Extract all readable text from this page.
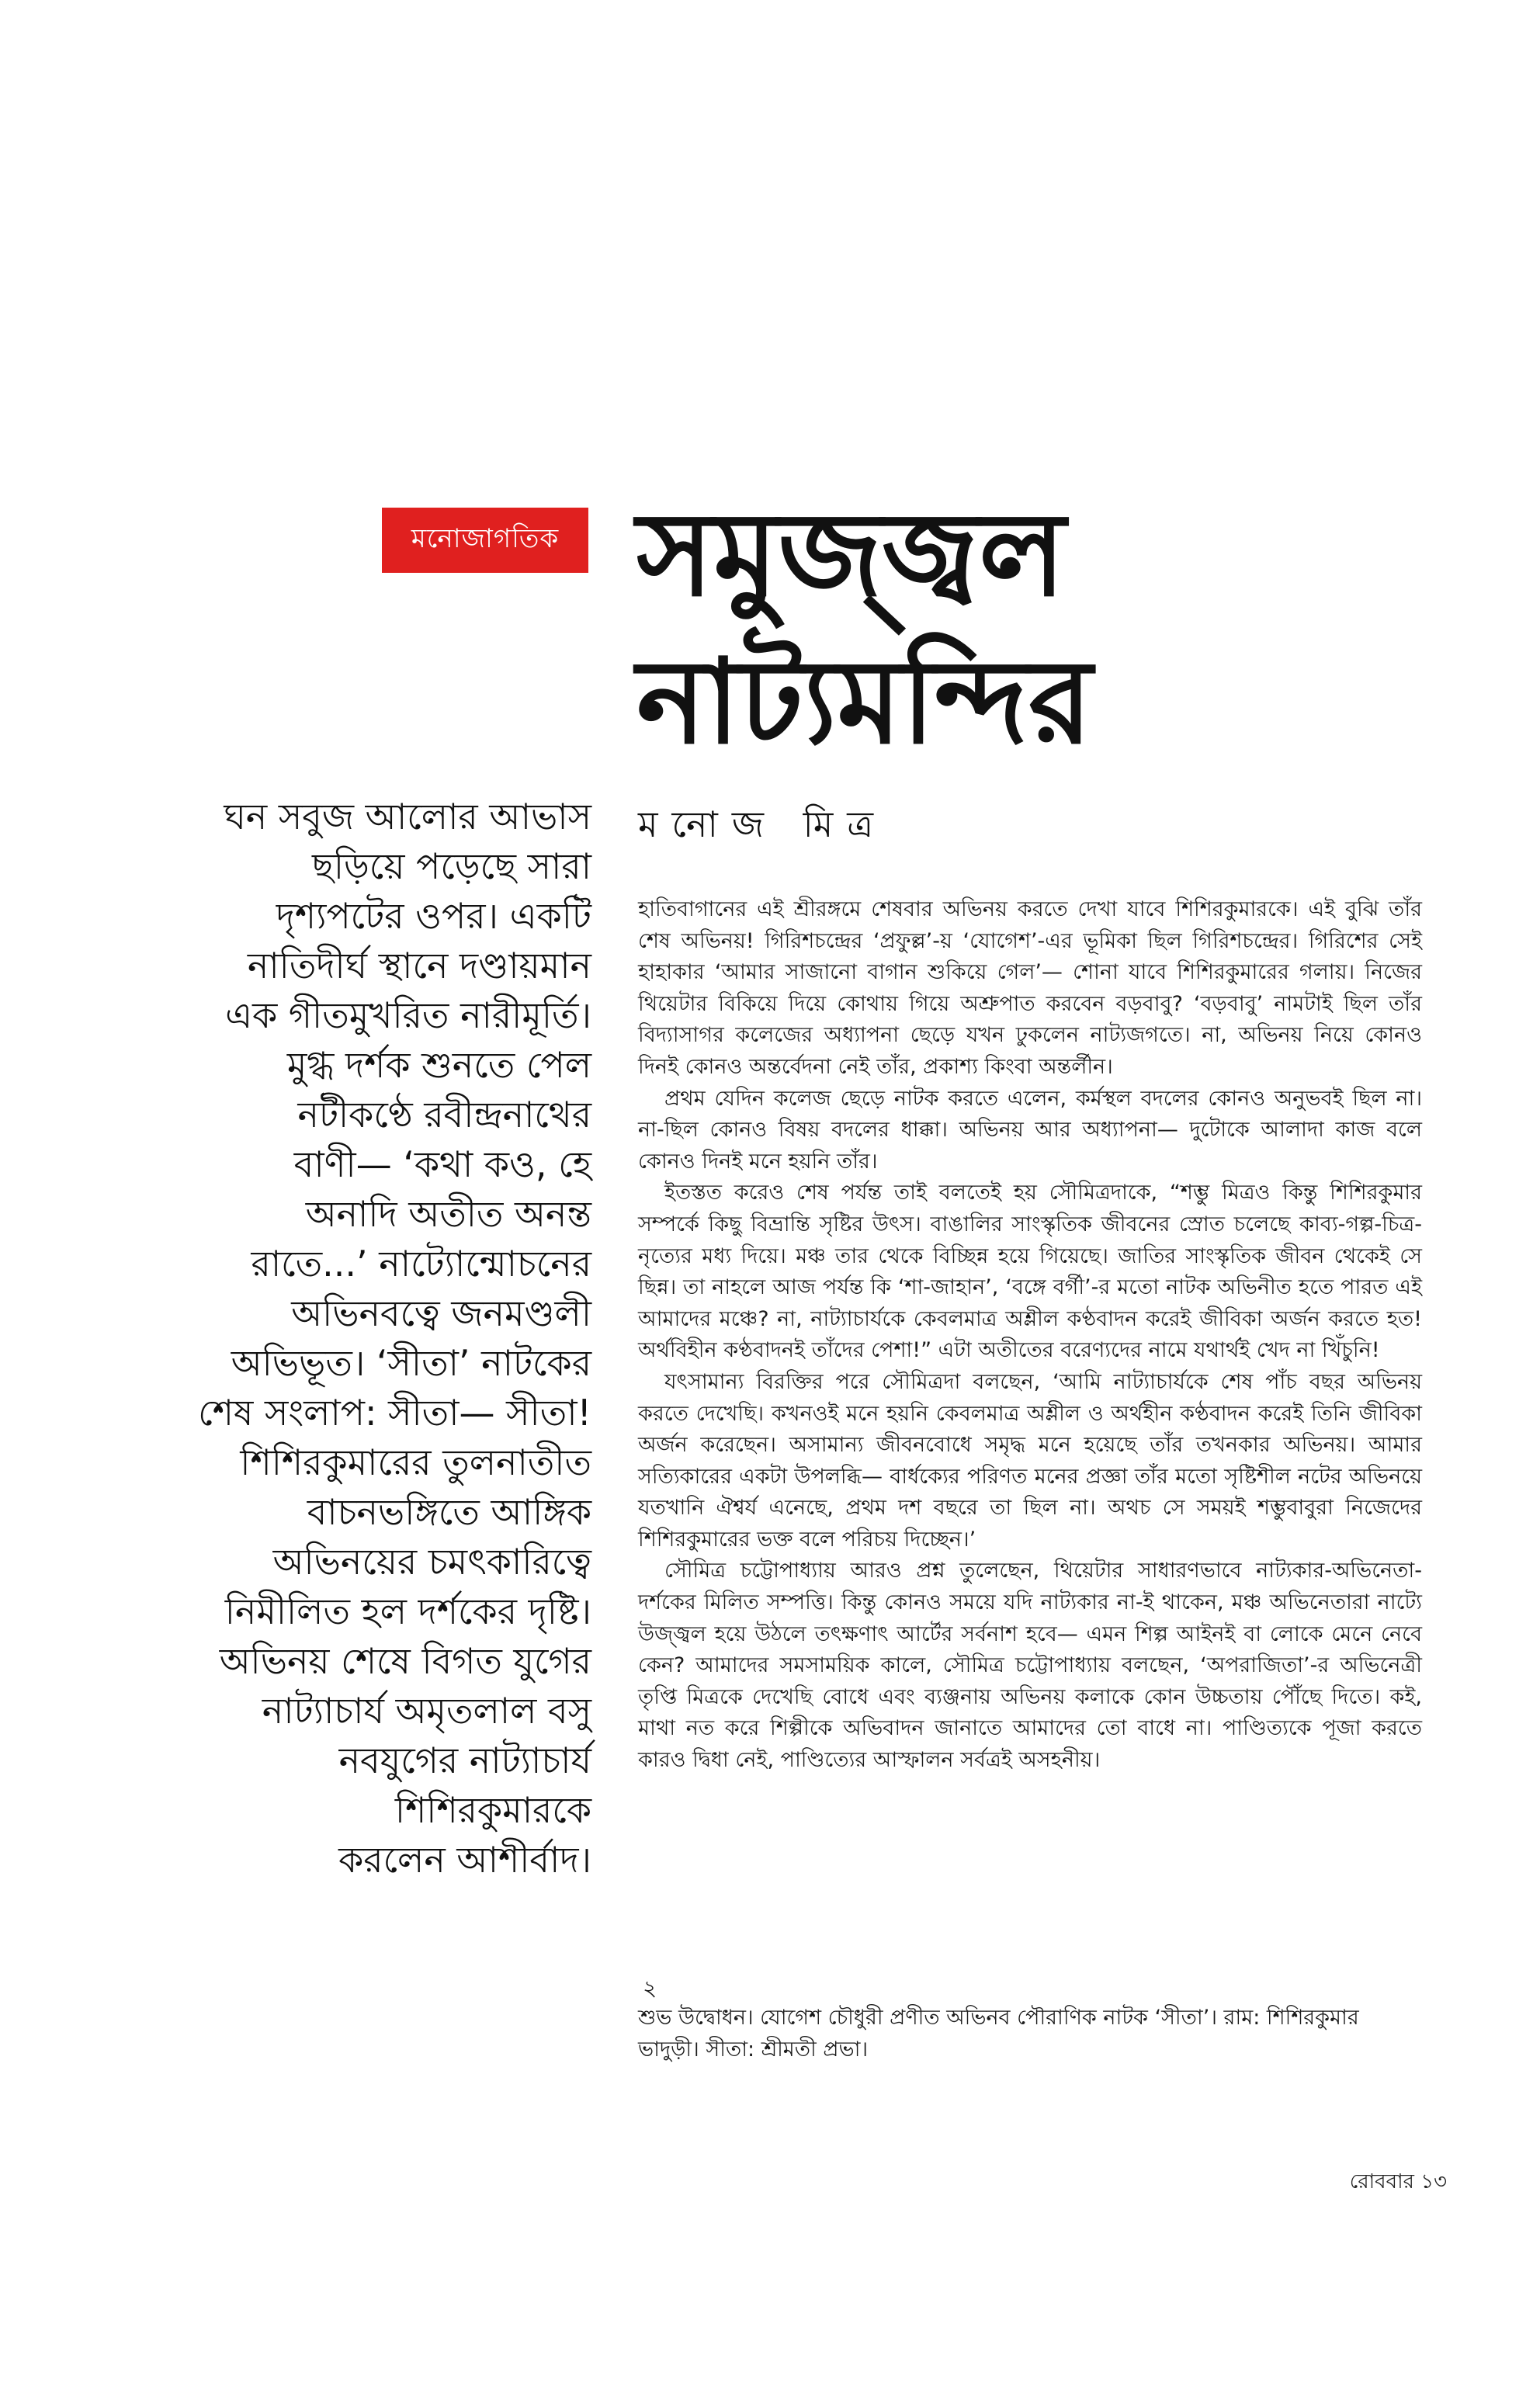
মনোজাগতিক সমুজ্জ্বল
নাট্যমন্দির
ঘন সবুজ আলোর আভাস
ছড়িয়ে পড়েছে সারা
দৃশ্যপটের ওপর। একটি
নাতিদীর্ঘ স্থানে দণ্ডায়মান
এক গীতমুখরিত নারীমূর্তি।
মুগ্ধ দর্শক শুনতে পেল
নটীকণ্ঠে রবীন্দ্রনাথের
বাণী— ‘কথা কও, হে
অনাদি অতীত অনন্ত
রাতে...’ নাট্যোন্মোচনের
অভিনবত্বে জনমণ্ডলী
অভিভূত। ‘সীতা’ নাটকের
শেষ সংলাপ: সীতা— সীতা!
শিশিরকুমারের তুলনাতীত
বাচনভঙ্গিতে আঙ্গিক
অভিনয়ের চমৎকারিত্বে
নিমীলিত হল দর্শকের দৃষ্টি।
অভিনয় শেষে বিগত যুগের
নাট্যাচার্য অমৃতলাল বসু
নবযুগের নাট্যাচার্য
শিশিরকুমারকে
করলেন আশীর্বাদ।
মনোজ মিত্র

হাতিবাগানের এই শ্রীরঙ্গমে শেষবার অভিনয় করতে দেখা যাবে শিশিরকুমারকে। এই বুঝি তাঁর শেষ অভিনয়! গিরিশচন্দ্রের ‘প্রফুল্ল’-য় ‘যোগেশ’-এর ভূমিকা ছিল গিরিশচন্দ্রের। গিরিশের সেই হাহাকার ‘আমার সাজানো বাগান শুকিয়ে গেল’— শোনা যাবে শিশিরকুমারের গলায়। নিজের থিয়েটার বিকিয়ে দিয়ে কোথায় গিয়ে অশ্রুপাত করবেন বড়বাবু? ‘বড়বাবু’ নামটাই ছিল তাঁর বিদ্যাসাগর কলেজের অধ্যাপনা ছেড়ে যখন ঢুকলেন নাট্যজগতে। না, অভিনয় নিয়ে কোনও দিনই কোনও অন্তর্বেদনা নেই তাঁর, প্রকাশ্য কিংবা অন্তর্লীন।

প্রথম যেদিন কলেজ ছেড়ে নাটক করতে এলেন, কর্মস্থল বদলের কোনও অনুভবই ছিল না। না-ছিল কোনও বিষয় বদলের ধাক্কা। অভিনয় আর অধ্যাপনা— দুটোকে আলাদা কাজ বলে কোনও দিনই মনে হয়নি তাঁর।

ইতস্তত করেও শেষ পর্যন্ত তাই বলতেই হয় সৌমিত্রদাকে, “শম্ভু মিত্রও কিন্তু শিশিরকুমার সম্পর্কে কিছু বিভ্রান্তি সৃষ্টির উৎস। বাঙালির সাংস্কৃতিক জীবনের স্রোত চলেছে কাব্য-গল্প-চিত্র-নৃত্যের মধ্য দিয়ে। মঞ্চ তার থেকে বিচ্ছিন্ন হয়ে গিয়েছে। জাতির সাংস্কৃতিক জীবন থেকেই সে ছিন্ন। তা নাহলে আজ পর্যন্ত কি ‘শা-জাহান’, ‘বঙ্গে বর্গী’-র মতো নাটক অভিনীত হতে পারত এই আমাদের মঞ্চে? না, নাট্যাচার্যকে কেবলমাত্র অশ্লীল কণ্ঠবাদন করেই জীবিকা অর্জন করতে হত! অর্থবিহীন কণ্ঠবাদনই তাঁদের পেশা!” এটা অতীতের বরেণ্যদের নামে যথার্থই খেদ না খিঁচুনি!

যৎসামান্য বিরক্তির পরে সৌমিত্রদা বলছেন, ‘আমি নাট্যাচার্যকে শেষ পাঁচ বছর অভিনয় করতে দেখেছি। কখনওই মনে হয়নি কেবলমাত্র অশ্লীল ও অর্থহীন কণ্ঠবাদন করেই তিনি জীবিকা অর্জন করেছেন। অসামান্য জীবনবোধে সমৃদ্ধ মনে হয়েছে তাঁর তখনকার অভিনয়। আমার সত্যিকারের একটা উপলব্ধি— বার্ধক্যের পরিণত মনের প্রজ্ঞা তাঁর মতো সৃষ্টিশীল নটের অভিনয়ে যতখানি ঐশ্বর্য এনেছে, প্রথম দশ বছরে তা ছিল না। অথচ সে সময়ই শম্ভুবাবুরা নিজেদের শিশিরকুমারের ভক্ত বলে পরিচয় দিচ্ছেন।’

সৌমিত্র চট্টোপাধ্যায় আরও প্রশ্ন তুলেছেন, থিয়েটার সাধারণভাবে নাট্যকার-অভিনেতা-দর্শকের মিলিত সম্পত্তি। কিন্তু কোনও সময়ে যদি নাট্যকার না-ই থাকেন, মঞ্চ অভিনেতারা নাট্যে উজ্জ্বল হয়ে উঠলে তৎক্ষণাৎ আর্টের সর্বনাশ হবে— এমন শিল্প আইনই বা লোকে মেনে নেবে কেন? আমাদের সমসাময়িক কালে, সৌমিত্র চট্টোপাধ্যায় বলছেন, ‘অপরাজিতা’-র অভিনেত্রী তৃপ্তি মিত্রকে দেখেছি বোধে এবং ব্যঞ্জনায় অভিনয় কলাকে কোন উচ্চতায় পৌঁছে দিতে। কই, মাথা নত করে শিল্পীকে অভিবাদন জানাতে আমাদের তো বাধে না। পাণ্ডিত্যকে পূজা করতে কারও দ্বিধা নেই, পাণ্ডিত্যের আস্ফালন সর্বত্রই অসহনীয়।

২
শুভ উদ্বোধন। যোগেশ চৌধুরী প্রণীত অভিনব পৌরাণিক নাটক ‘সীতা’। রাম: শিশিরকুমার ভাদুড়ী। সীতা: শ্রীমতী প্রভা।
রোববার ১৩
